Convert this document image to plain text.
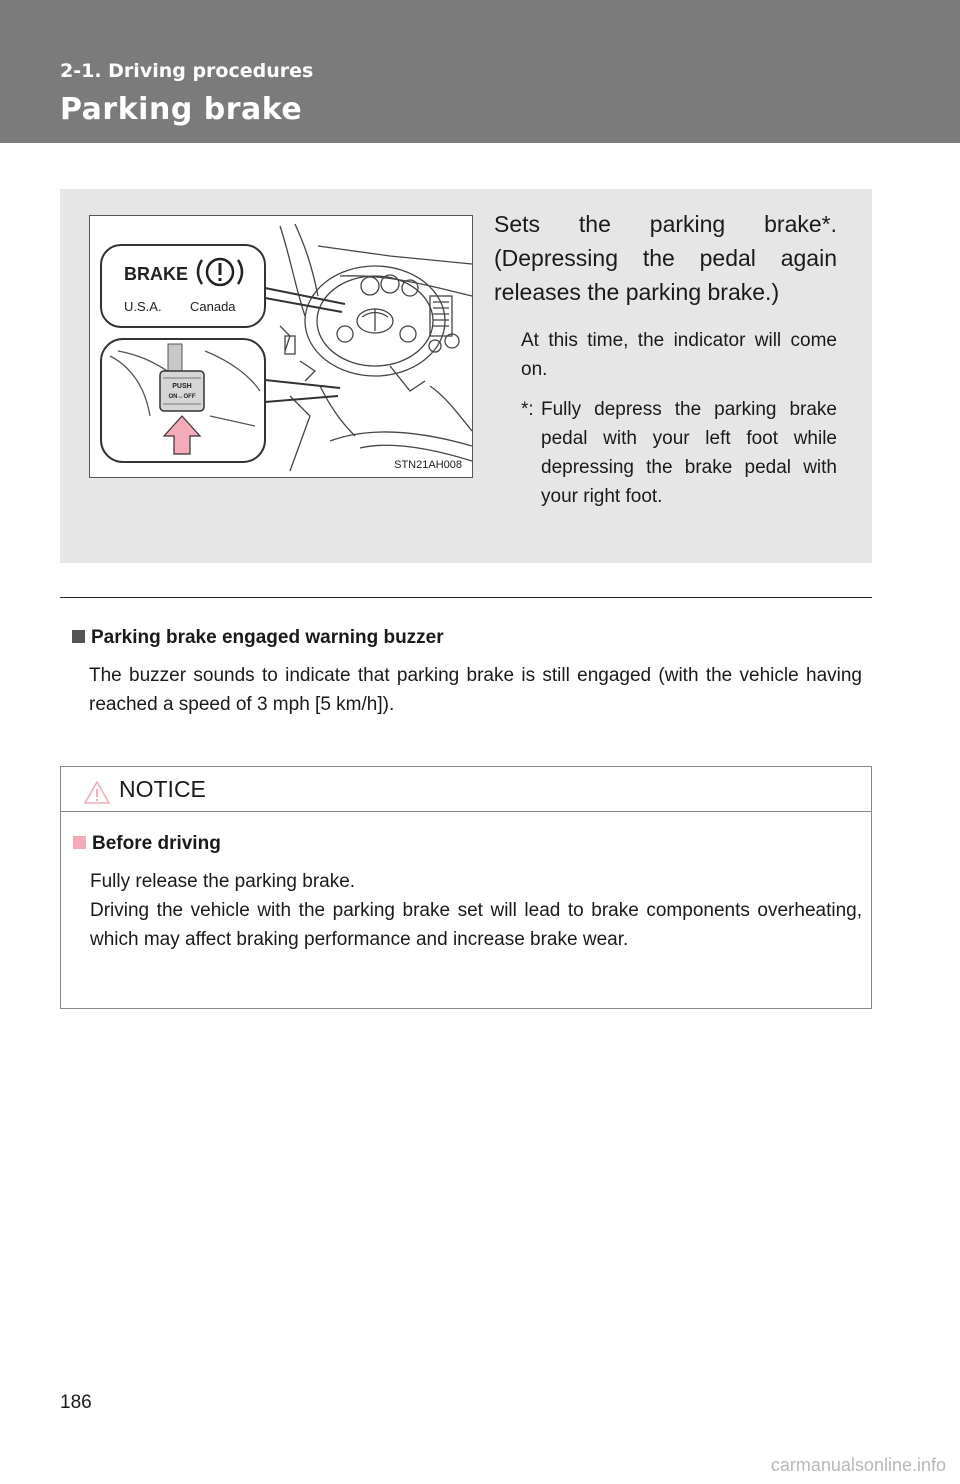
2-1. Driving procedures

Parking brake

BRAKE
U.S.A. Canada
PUSH
ON↔OFF
STN21AH008

Sets the parking brake*. (Depressing the pedal again releases the parking brake.)

At this time, the indicator will come on.

*: Fully depress the parking brake pedal with your left foot while depressing the brake pedal with your right foot.

Parking brake engaged warning buzzer

The buzzer sounds to indicate that parking brake is still engaged (with the vehicle having reached a speed of 3 mph [5 km/h]).

NOTICE

Before driving

Fully release the parking brake.
Driving the vehicle with the parking brake set will lead to brake components overheating, which may affect braking performance and increase brake wear.

186

carmanualsonline.info
